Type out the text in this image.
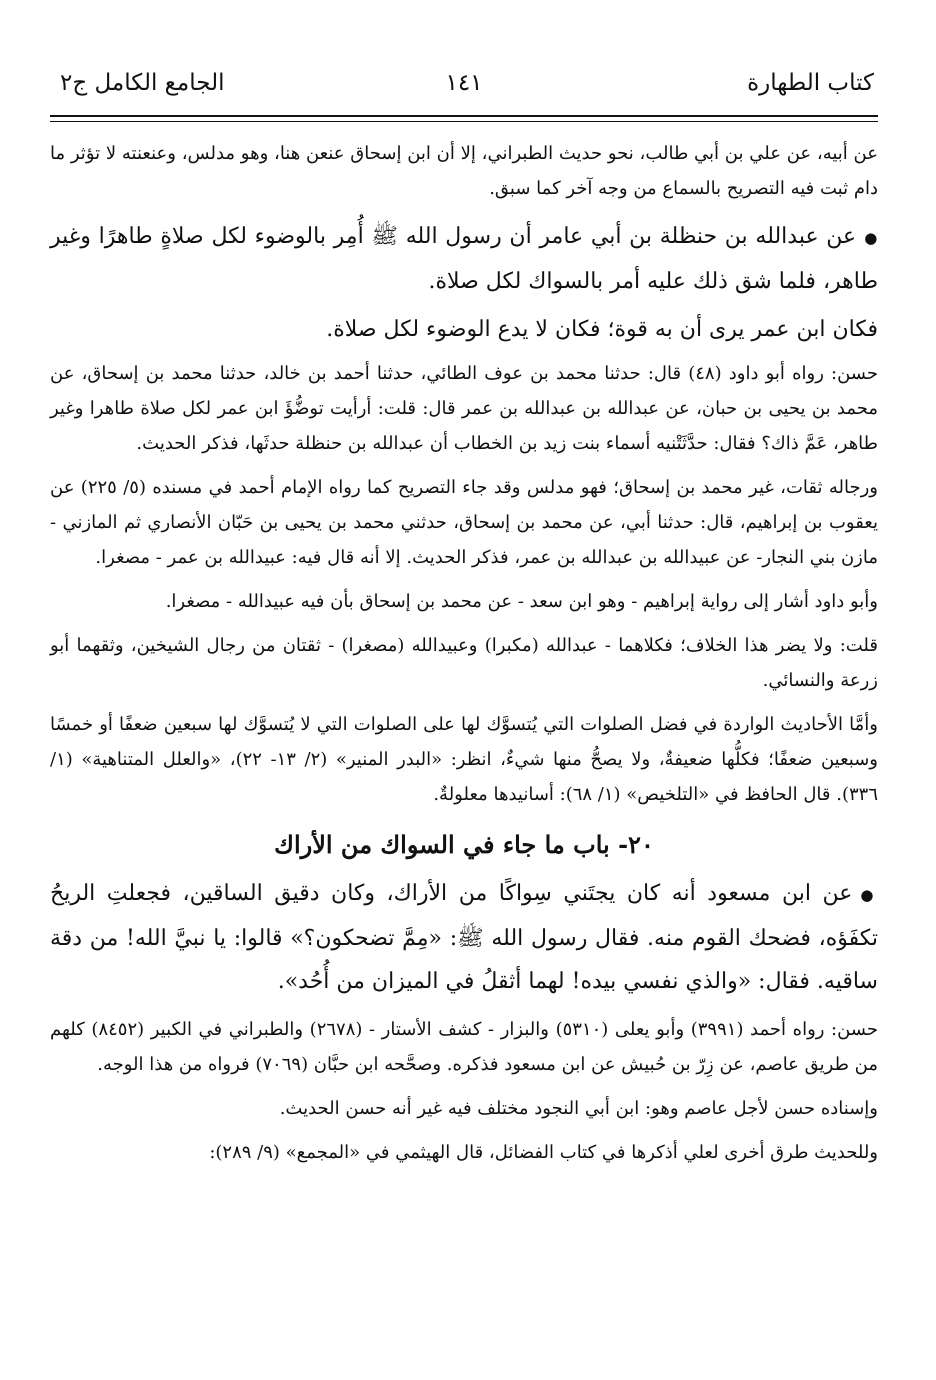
كتاب الطهارة
١٤١
الجامع الكامل ج٢

عن أبيه، عن علي بن أبي طالب، نحو حديث الطبراني، إلا أن ابن إسحاق عنعن هنا، وهو مدلس، وعنعنته لا تؤثر ما دام ثبت فيه التصريح بالسماع من وجه آخر كما سبق.

● عن عبدالله بن حنظلة بن أبي عامر أن رسول الله ﷺ أُمِر بالوضوء لكل صلاةٍ طاهرًا وغير طاهر، فلما شق ذلك عليه أمر بالسواك لكل صلاة.

فكان ابن عمر يرى أن به قوة؛ فكان لا يدع الوضوء لكل صلاة.

حسن: رواه أبو داود (٤٨) قال: حدثنا محمد بن عوف الطائي، حدثنا أحمد بن خالد، حدثنا محمد بن إسحاق، عن محمد بن يحيى بن حبان، عن عبدالله بن عبدالله بن عمر قال: قلت: أرأيت توضُّؤَ ابن عمر لكل صلاة طاهرا وغير طاهر، عَمَّ ذاك؟ فقال: حدَّثَتْنيه أسماء بنت زيد بن الخطاب أن عبدالله بن حنظلة حدثَها، فذكر الحديث.

ورجاله ثقات، غير محمد بن إسحاق؛ فهو مدلس وقد جاء التصريح كما رواه الإمام أحمد في مسنده (٥/ ٢٢٥) عن يعقوب بن إبراهيم، قال: حدثنا أبي، عن محمد بن إسحاق، حدثني محمد بن يحيى بن حَبّان الأنصاري ثم المازني - مازن بني النجار- عن عبيدالله بن عبدالله بن عمر، فذكر الحديث. إلا أنه قال فيه: عبيدالله بن عمر - مصغرا.

وأبو داود أشار إلى رواية إبراهيم - وهو ابن سعد - عن محمد بن إسحاق بأن فيه عبيدالله - مصغرا.

قلت: ولا يضر هذا الخلاف؛ فكلاهما - عبدالله (مكبرا) وعبيدالله (مصغرا) - ثقتان من رجال الشيخين، وثقهما أبو زرعة والنسائي.

وأمَّا الأحاديث الواردة في فضل الصلوات التي يُتسوَّك لها على الصلوات التي لا يُتسوَّك لها سبعين ضعفًا أو خمسًا وسبعين ضعفًا؛ فكلُّها ضعيفةٌ، ولا يصحُّ منها شيءٌ، انظر: «البدر المنير» (٢/ ١٣- ٢٢)، «والعلل المتناهية» (١/ ٣٣٦). قال الحافظ في «التلخيص» (١/ ٦٨): أسانيدها معلولةٌ.

٢٠- باب ما جاء في السواك من الأراك

● عن ابن مسعود أنه كان يجتَني سِواكًا من الأراك، وكان دقيق الساقين، فجعلتِ الريحُ تكفَؤه، فضحك القوم منه. فقال رسول الله ﷺ: «مِمَّ تضحكون؟» قالوا: يا نبيَّ الله! من دقة ساقيه. فقال: «والذي نفسي بيده! لهما أثقلُ في الميزان من أُحُد».

حسن: رواه أحمد (٣٩٩١) وأبو يعلى (٥٣١٠) والبزار - كشف الأستار - (٢٦٧٨) والطبراني في الكبير (٨٤٥٢) كلهم من طريق عاصم، عن زِرّ بن حُبيش عن ابن مسعود فذكره. وصحَّحه ابن حبَّان (٧٠٦٩) فرواه من هذا الوجه.

وإسناده حسن لأجل عاصم وهو: ابن أبي النجود مختلف فيه غير أنه حسن الحديث.

وللحديث طرق أخرى لعلي أذكرها في كتاب الفضائل، قال الهيثمي في «المجمع» (٩/ ٢٨٩):
